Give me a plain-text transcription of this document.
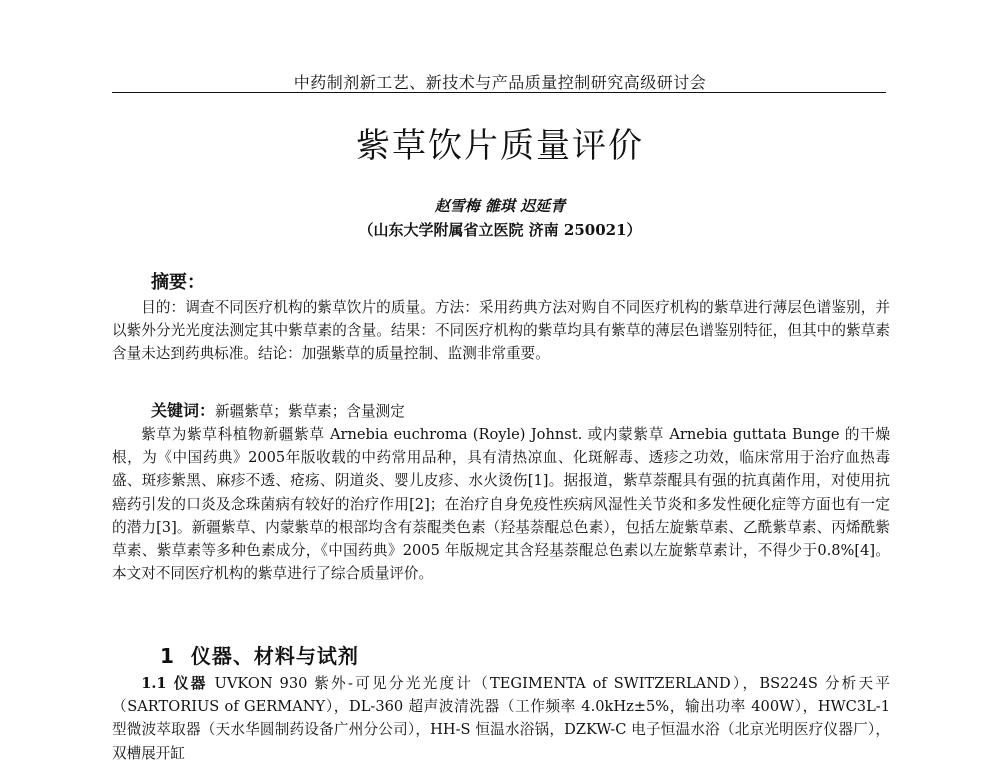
中药制剂新工艺、新技术与产品质量控制研究高级研讨会
紫草饮片质量评价
赵雪梅 雒琪 迟延青
（山东大学附属省立医院 济南 250021）
摘要：
目的：调查不同医疗机构的紫草饮片的质量。方法：采用药典方法对购自不同医疗机构的紫草进行薄层色谱鉴别，并以紫外分光光度法测定其中紫草素的含量。结果：不同医疗机构的紫草均具有紫草的薄层色谱鉴别特征，但其中的紫草素含量未达到药典标准。结论：加强紫草的质量控制、监测非常重要。
关键词：新疆紫草；紫草素；含量测定
紫草为紫草科植物新疆紫草 Arnebia euchroma (Royle) Johnst. 或内蒙紫草 Arnebia guttata Bunge 的干燥根，为《中国药典》2005年版收载的中药常用品种，具有清热凉血、化斑解毒、透疹之功效，临床常用于治疗血热毒盛、斑疹紫黑、麻疹不透、疮疡、阴道炎、婴儿皮疹、水火烫伤[1]。据报道，紫草萘醌具有强的抗真菌作用，对使用抗癌药引发的口炎及念珠菌病有较好的治疗作用[2]；在治疗自身免疫性疾病风湿性关节炎和多发性硬化症等方面也有一定的潜力[3]。新疆紫草、内蒙紫草的根部均含有萘醌类色素（羟基萘醌总色素），包括左旋紫草素、乙酰紫草素、丙烯酰紫草素、紫草素等多种色素成分，《中国药典》2005 年版规定其含羟基萘醌总色素以左旋紫草素计，不得少于0.8%[4]。本文对不同医疗机构的紫草进行了综合质量评价。
1 仪器、材料与试剂
1.1 仪器 UVKON 930 紫外-可见分光光度计（TEGIMENTA of SWITZERLAND），BS224S 分析天平（SARTORIUS of GERMANY），DL-360 超声波清洗器（工作频率 4.0kHz±5%，输出功率 400W），HWC3L-1 型微波萃取器（天水华圆制药设备广州分公司），HH-S 恒温水浴锅，DZKW-C 电子恒温水浴（北京光明医疗仪器厂），双槽展开缸
